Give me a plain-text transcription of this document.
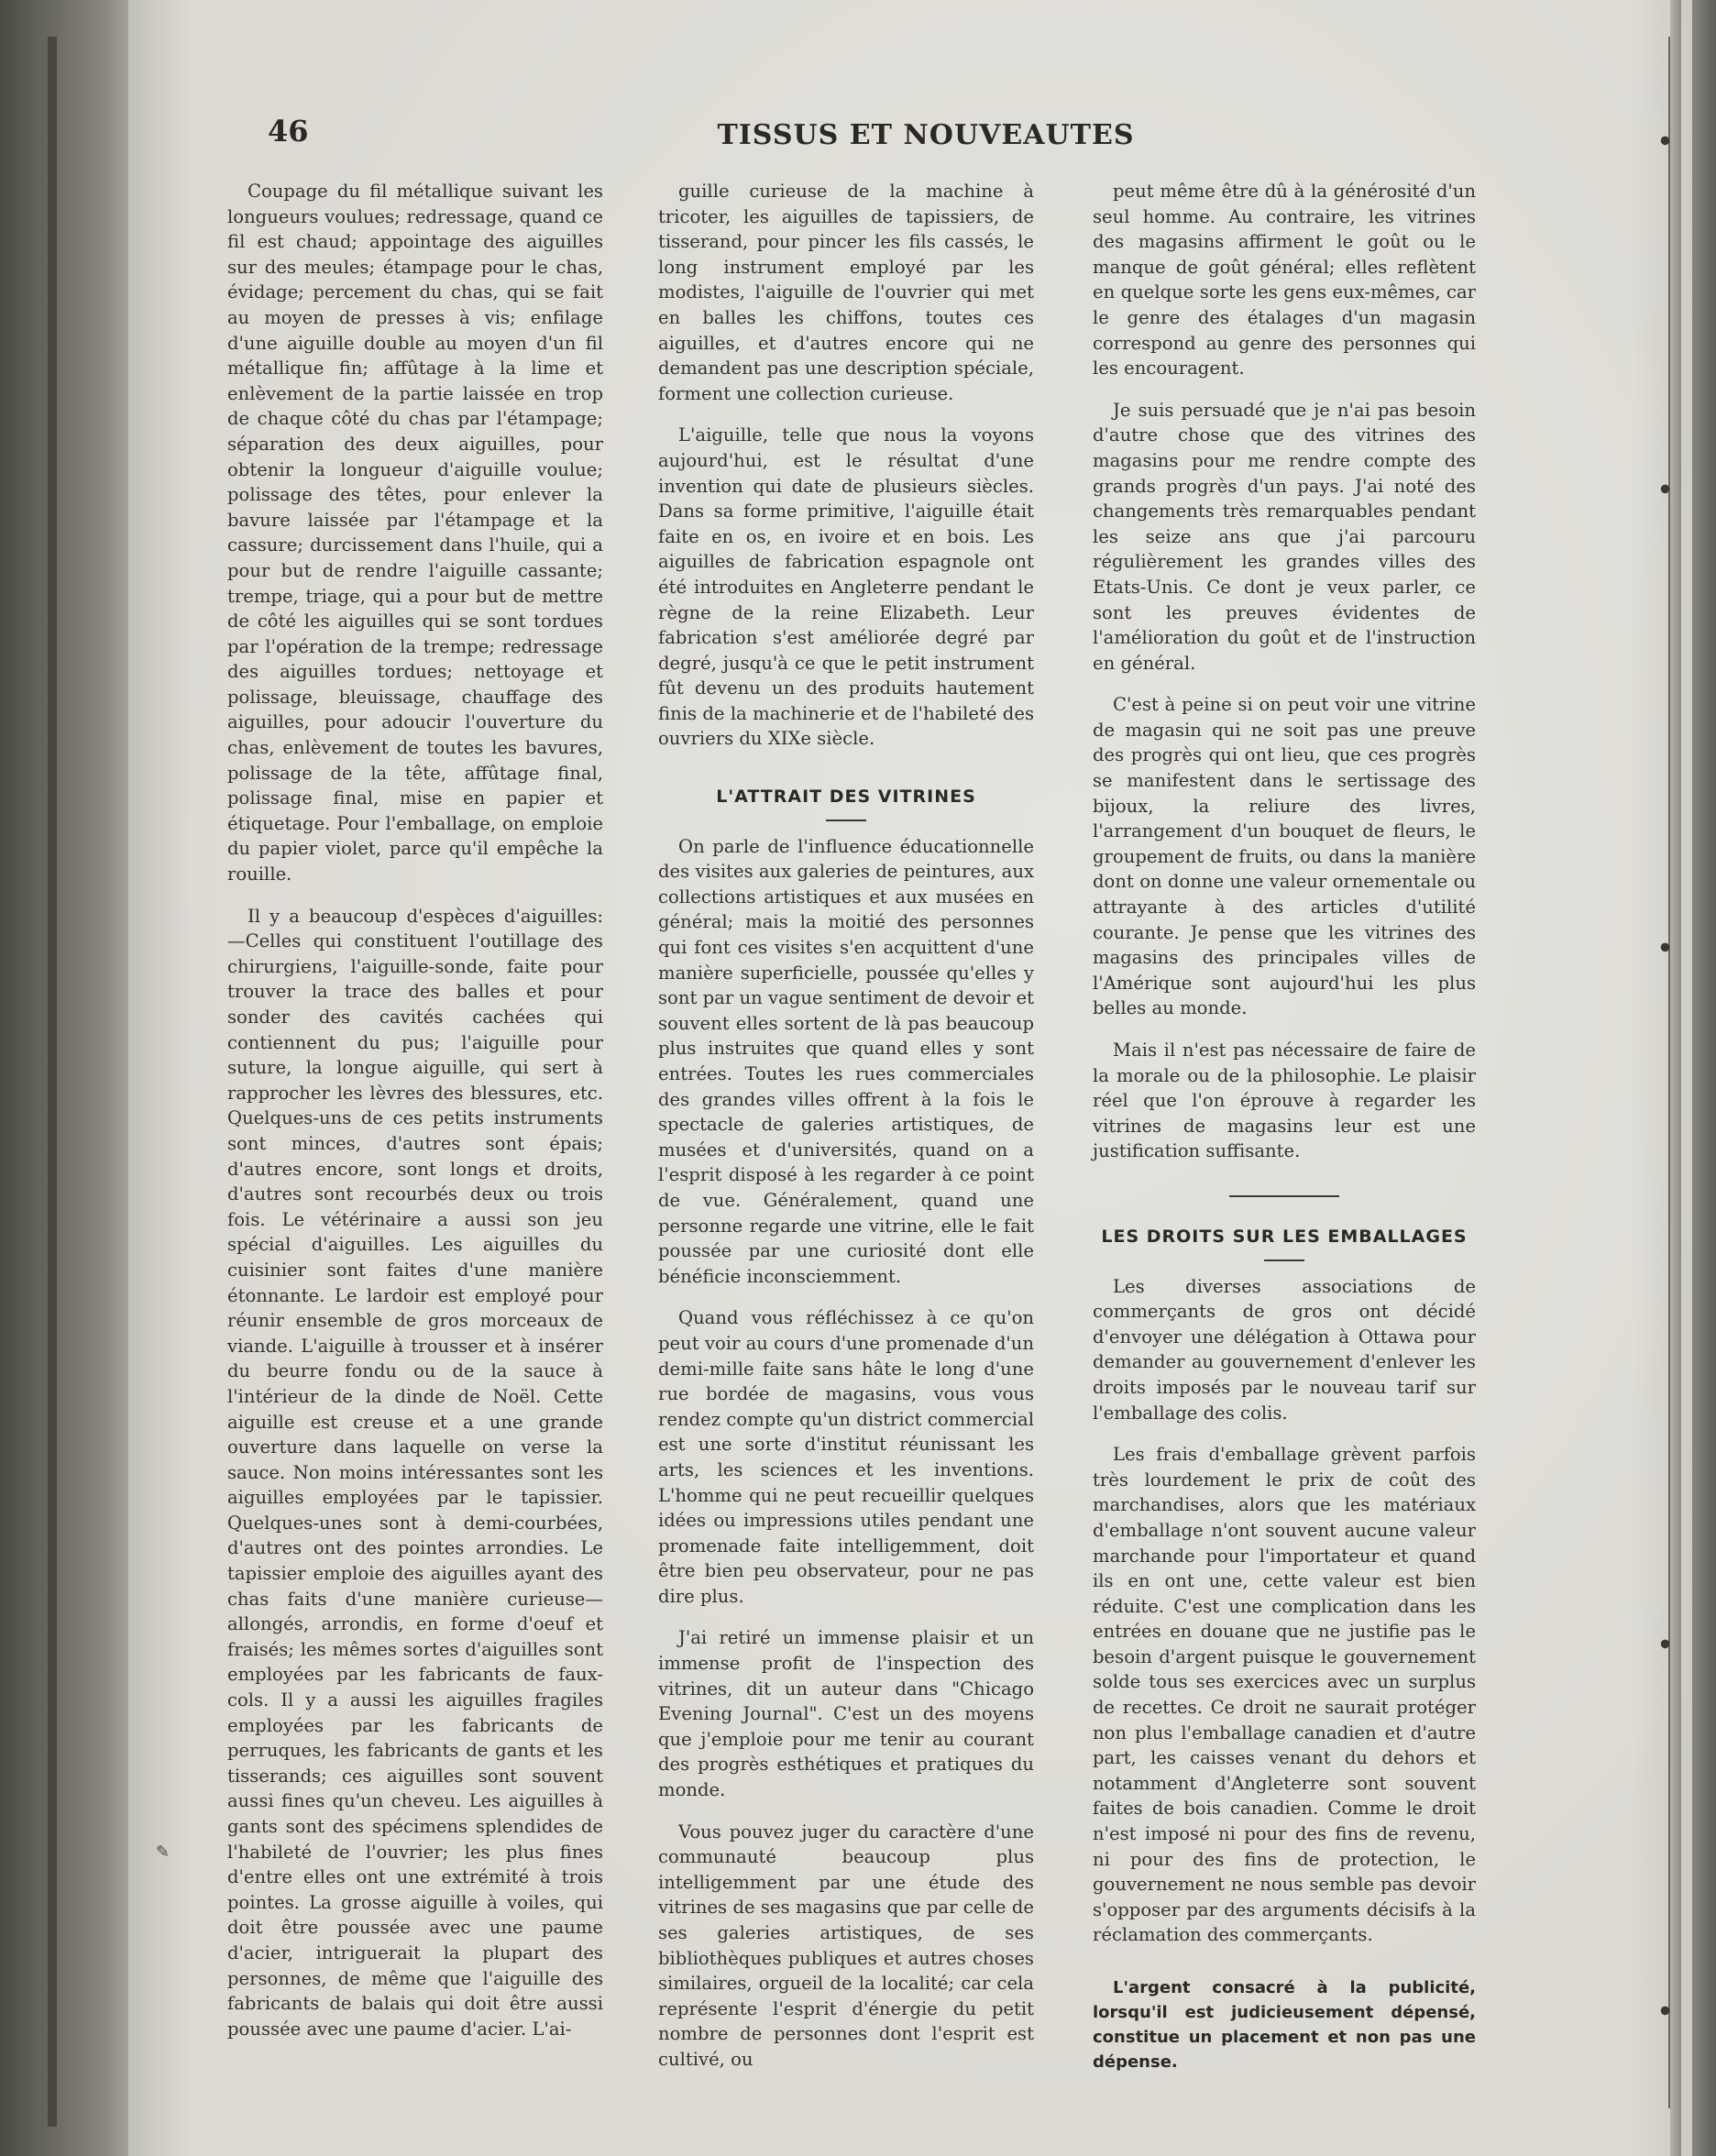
⦁
⦁
⦁
⦁
⦁
46	TISSUS ET NOUVEAUTES

Coupage du fil métallique suivant les longueurs voulues; redressage, quand ce fil est chaud; appointage des aiguilles sur des meules; étampage pour le chas, évidage; percement du chas, qui se fait au moyen de presses à vis; enfilage d'une aiguille double au moyen d'un fil métallique fin; affûtage à la lime et enlèvement de la partie laissée en trop de chaque côté du chas par l'étampage; séparation des deux aiguilles, pour obtenir la longueur d'aiguille voulue; polissage des têtes, pour enlever la bavure laissée par l'étampage et la cassure; durcissement dans l'huile, qui a pour but de rendre l'aiguille cassante; trempe, triage, qui a pour but de mettre de côté les aiguilles qui se sont tordues par l'opération de la trempe; redressage des aiguilles tordues; nettoyage et polissage, bleuissage, chauffage des aiguilles, pour adoucir l'ouverture du chas, enlèvement de toutes les bavures, polissage de la tête, affûtage final, polissage final, mise en papier et étiquetage. Pour l'emballage, on emploie du papier violet, parce qu'il empêche la rouille.

Il y a beaucoup d'espèces d'aiguilles: —Celles qui constituent l'outillage des chirurgiens, l'aiguille-sonde, faite pour trouver la trace des balles et pour sonder des cavités cachées qui contiennent du pus; l'aiguille pour suture, la longue aiguille, qui sert à rapprocher les lèvres des blessures, etc. Quelques-uns de ces petits instruments sont minces, d'autres sont épais; d'autres encore, sont longs et droits, d'autres sont recourbés deux ou trois fois. Le vétérinaire a aussi son jeu spécial d'aiguilles. Les aiguilles du cuisinier sont faites d'une manière étonnante. Le lardoir est employé pour réunir ensemble de gros morceaux de viande. L'aiguille à trousser et à insérer du beurre fondu ou de la sauce à l'intérieur de la dinde de Noël. Cette aiguille est creuse et a une grande ouverture dans laquelle on verse la sauce. Non moins intéressantes sont les aiguilles employées par le tapissier. Quelques-unes sont à demi-courbées, d'autres ont des pointes arrondies. Le tapissier emploie des aiguilles ayant des chas faits d'une manière curieuse—allongés, arrondis, en forme d'oeuf et fraisés; les mêmes sortes d'aiguilles sont employées par les fabricants de faux-cols. Il y a aussi les aiguilles fragiles employées par les fabricants de perruques, les fabricants de gants et les tisserands; ces aiguilles sont souvent aussi fines qu'un cheveu. Les aiguilles à gants sont des spécimens splendides de l'habileté de l'ouvrier; les plus fines d'entre elles ont une extrémité à trois pointes. La grosse aiguille à voiles, qui doit être poussée avec une paume d'acier, intriguerait la plupart des personnes, de même que l'aiguille des fabricants de balais qui doit être aussi poussée avec une paume d'acier. L'ai-

guille curieuse de la machine à tricoter, les aiguilles de tapissiers, de tisserand, pour pincer les fils cassés, le long instrument employé par les modistes, l'aiguille de l'ouvrier qui met en balles les chiffons, toutes ces aiguilles, et d'autres encore qui ne demandent pas une description spéciale, forment une collection curieuse.

L'aiguille, telle que nous la voyons aujourd'hui, est le résultat d'une invention qui date de plusieurs siècles. Dans sa forme primitive, l'aiguille était faite en os, en ivoire et en bois. Les aiguilles de fabrication espagnole ont été introduites en Angleterre pendant le règne de la reine Elizabeth. Leur fabrication s'est améliorée degré par degré, jusqu'à ce que le petit instrument fût devenu un des produits hautement finis de la machinerie et de l'habileté des ouvriers du XIXe siècle.

L'ATTRAIT DES VITRINES

On parle de l'influence éducationnelle des visites aux galeries de peintures, aux collections artistiques et aux musées en général; mais la moitié des personnes qui font ces visites s'en acquittent d'une manière superficielle, poussée qu'elles y sont par un vague sentiment de devoir et souvent elles sortent de là pas beaucoup plus instruites que quand elles y sont entrées. Toutes les rues commerciales des grandes villes offrent à la fois le spectacle de galeries artistiques, de musées et d'universités, quand on a l'esprit disposé à les regarder à ce point de vue. Généralement, quand une personne regarde une vitrine, elle le fait poussée par une curiosité dont elle bénéficie inconsciemment.

Quand vous réfléchissez à ce qu'on peut voir au cours d'une promenade d'un demi-mille faite sans hâte le long d'une rue bordée de magasins, vous vous rendez compte qu'un district commercial est une sorte d'institut réunissant les arts, les sciences et les inventions. L'homme qui ne peut recueillir quelques idées ou impressions utiles pendant une promenade faite intelligemment, doit être bien peu observateur, pour ne pas dire plus.

J'ai retiré un immense plaisir et un immense profit de l'inspection des vitrines, dit un auteur dans "Chicago Evening Journal". C'est un des moyens que j'emploie pour me tenir au courant des progrès esthétiques et pratiques du monde.

Vous pouvez juger du caractère d'une communauté beaucoup plus intelligemment par une étude des vitrines de ses magasins que par celle de ses galeries artistiques, de ses bibliothèques publiques et autres choses similaires, orgueil de la localité; car cela représente l'esprit d'énergie du petit nombre de personnes dont l'esprit est cultivé, ou

peut même être dû à la générosité d'un seul homme. Au contraire, les vitrines des magasins affirment le goût ou le manque de goût général; elles reflètent en quelque sorte les gens eux-mêmes, car le genre des étalages d'un magasin correspond au genre des personnes qui les encouragent.

Je suis persuadé que je n'ai pas besoin d'autre chose que des vitrines des magasins pour me rendre compte des grands progrès d'un pays. J'ai noté des changements très remarquables pendant les seize ans que j'ai parcouru régulièrement les grandes villes des Etats-Unis. Ce dont je veux parler, ce sont les preuves évidentes de l'amélioration du goût et de l'instruction en général.

C'est à peine si on peut voir une vitrine de magasin qui ne soit pas une preuve des progrès qui ont lieu, que ces progrès se manifestent dans le sertissage des bijoux, la reliure des livres, l'arrangement d'un bouquet de fleurs, le groupement de fruits, ou dans la manière dont on donne une valeur ornementale ou attrayante à des articles d'utilité courante. Je pense que les vitrines des magasins des principales villes de l'Amérique sont aujourd'hui les plus belles au monde.

Mais il n'est pas nécessaire de faire de la morale ou de la philosophie. Le plaisir réel que l'on éprouve à regarder les vitrines de magasins leur est une justification suffisante.

LES DROITS SUR LES EMBALLAGES

Les diverses associations de commerçants de gros ont décidé d'envoyer une délégation à Ottawa pour demander au gouvernement d'enlever les droits imposés par le nouveau tarif sur l'emballage des colis.

Les frais d'emballage grèvent parfois très lourdement le prix de coût des marchandises, alors que les matériaux d'emballage n'ont souvent aucune valeur marchande pour l'importateur et quand ils en ont une, cette valeur est bien réduite. C'est une complication dans les entrées en douane que ne justifie pas le besoin d'argent puisque le gouvernement solde tous ses exercices avec un surplus de recettes. Ce droit ne saurait protéger non plus l'emballage canadien et d'autre part, les caisses venant du dehors et notamment d'Angleterre sont souvent faites de bois canadien. Comme le droit n'est imposé ni pour des fins de revenu, ni pour des fins de protection, le gouvernement ne nous semble pas devoir s'opposer par des arguments décisifs à la réclamation des commerçants.

L'argent consacré à la publicité, lorsqu'il est judicieusement dépensé, constitue un placement et non pas une dépense.
✎
